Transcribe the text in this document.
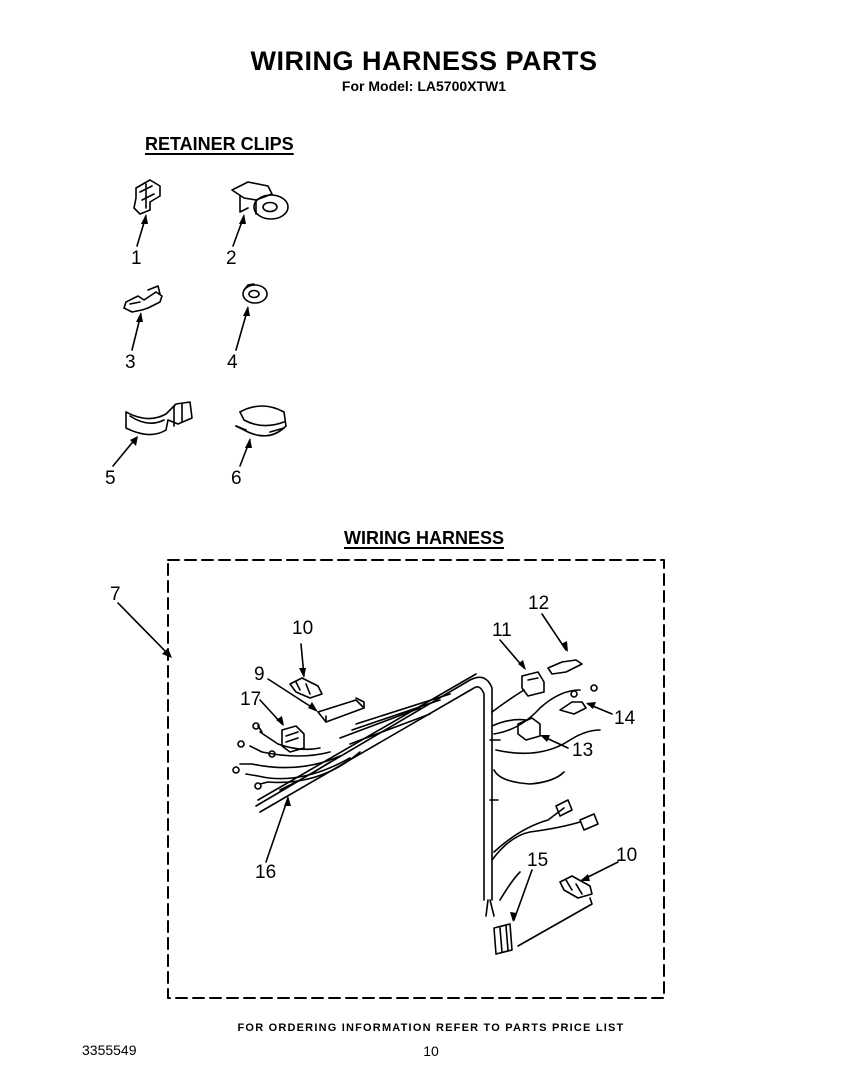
WIRING HARNESS PARTS
For Model: LA5700XTW1
RETAINER CLIPS
WIRING HARNESS
1	2
3	4
5	6
7
10
9
17
16
12
11
14
13
15	10
FOR ORDERING INFORMATION REFER TO PARTS PRICE LIST
3355549	10
